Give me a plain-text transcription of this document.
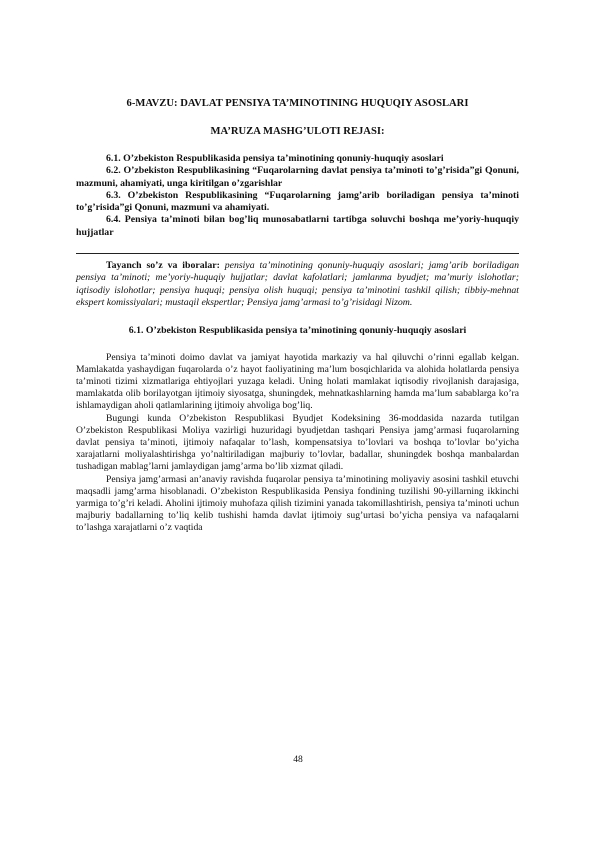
6-MAVZU: DAVLAT PENSIYA TA’MINOTINING HUQUQIY ASOSLARI

MA’RUZA MASHG’ULOTI REJASI:

6.1. O’zbekiston Respublikasida pensiya ta’minotining qonuniy-huquqiy asoslari

6.2. O’zbekiston Respublikasining “Fuqarolarning davlat pensiya ta’minoti to’g’risida”gi Qonuni, mazmuni, ahamiyati, unga kiritilgan o’zgarishlar

6.3. O’zbekiston Respublikasining “Fuqarolarning jamg’arib boriladigan pensiya ta’minoti to’g’risida”gi Qonuni, mazmuni va ahamiyati.

6.4. Pensiya ta’minoti bilan bog’liq munosabatlarni tartibga soluvchi boshqa me’yoriy-huquqiy hujjatlar

Tayanch so’z va iboralar: pensiya ta’minotining qonuniy-huquqiy asoslari; jamg’arib boriladigan pensiya ta’minoti; me’yoriy-huquqiy hujjatlar; davlat kafolatlari; jamlanma byudjet; ma’muriy islohotlar; iqtisodiy islohotlar; pensiya huquqi; pensiya olish huquqi; pensiya ta’minotini tashkil qilish; tibbiy-mehnat ekspert komissiyalari; mustaqil ekspertlar; Pensiya jamg’armasi to’g’risidagi Nizom.

6.1. O’zbekiston Respublikasida pensiya ta’minotining qonuniy-huquqiy asoslari

Pensiya ta’minoti doimo davlat va jamiyat hayotida markaziy va hal qiluvchi o’rinni egallab kelgan. Mamlakatda yashaydigan fuqarolarda o’z hayot faoliyatining ma’lum bosqichlarida va alohida holatlarda pensiya ta’minoti tizimi xizmatlariga ehtiyojlari yuzaga keladi. Uning holati mamlakat iqtisodiy rivojlanish darajasiga, mamlakatda olib borilayotgan ijtimoiy siyosatga, shuningdek, mehnatkashlarning hamda ma’lum sabablarga ko’ra ishlamaydigan aholi qatlamlarining ijtimoiy ahvoliga bog’liq.

Bugungi kunda O’zbekiston Respublikasi Byudjet Kodeksining 36-moddasida nazarda tutilgan O’zbekiston Respublikasi Moliya vazirligi huzuridagi byudjetdan tashqari Pensiya jamg’armasi fuqarolarning davlat pensiya ta’minoti, ijtimoiy nafaqalar to’lash, kompensatsiya to’lovlari va boshqa to’lovlar bo’yicha xarajatlarni moliyalashtirishga yo’naltiriladigan majburiy to’lovlar, badallar, shuningdek boshqa manbalardan tushadigan mablag’larni jamlaydigan jamg’arma bo’lib xizmat qiladi.

Pensiya jamg’armasi an’anaviy ravishda fuqarolar pensiya ta’minotining moliyaviy asosini tashkil etuvchi maqsadli jamg’arma hisoblanadi. O’zbekiston Respublikasida Pensiya fondining tuzilishi 90-yillarning ikkinchi yarmiga to’g’ri keladi. Aholini ijtimoiy muhofaza qilish tizimini yanada takomillashtirish, pensiya ta’minoti uchun majburiy badallarning to’liq kelib tushishi hamda davlat ijtimoiy sug’urtasi bo’yicha pensiya va nafaqalarni to’lashga xarajatlarni o’z vaqtida

48
